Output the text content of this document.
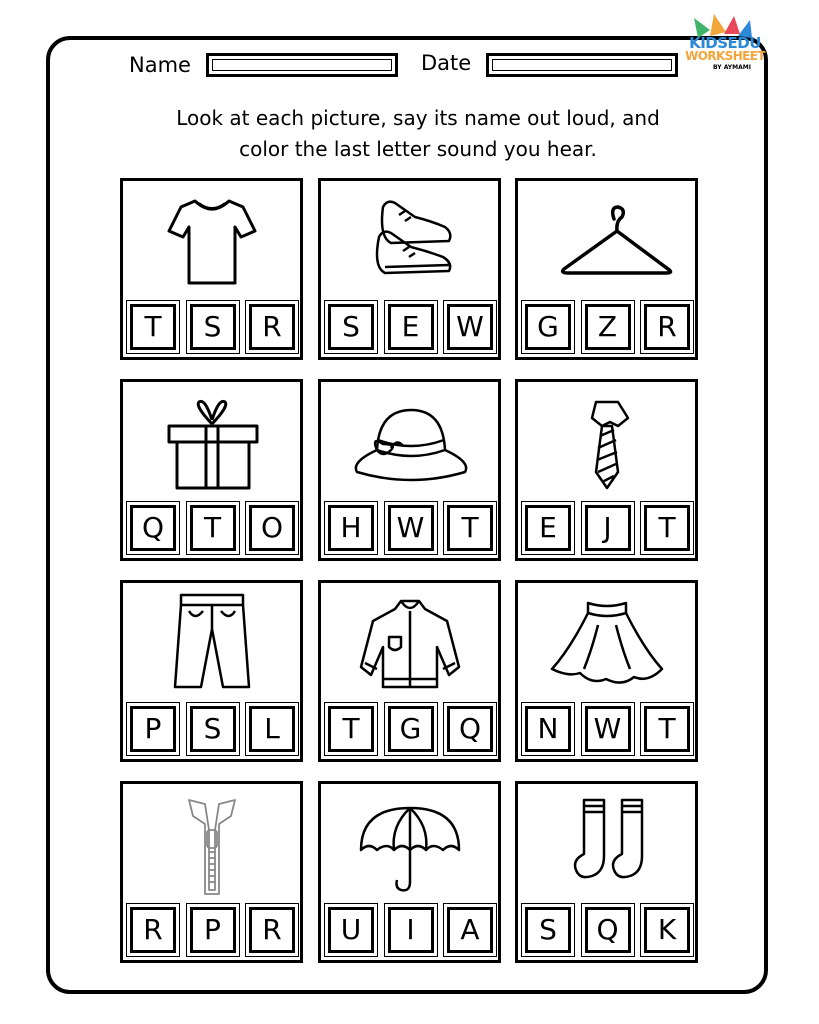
Name	Date
KIDSEDU
WORKSHEET
BY AYMAMI
Look at each picture, say its name out loud, and
color the last letter sound you hear.
T S R S E W G Z R
Q T O H W T E J T
P S L T G Q N W T
R P R U I A S Q K
